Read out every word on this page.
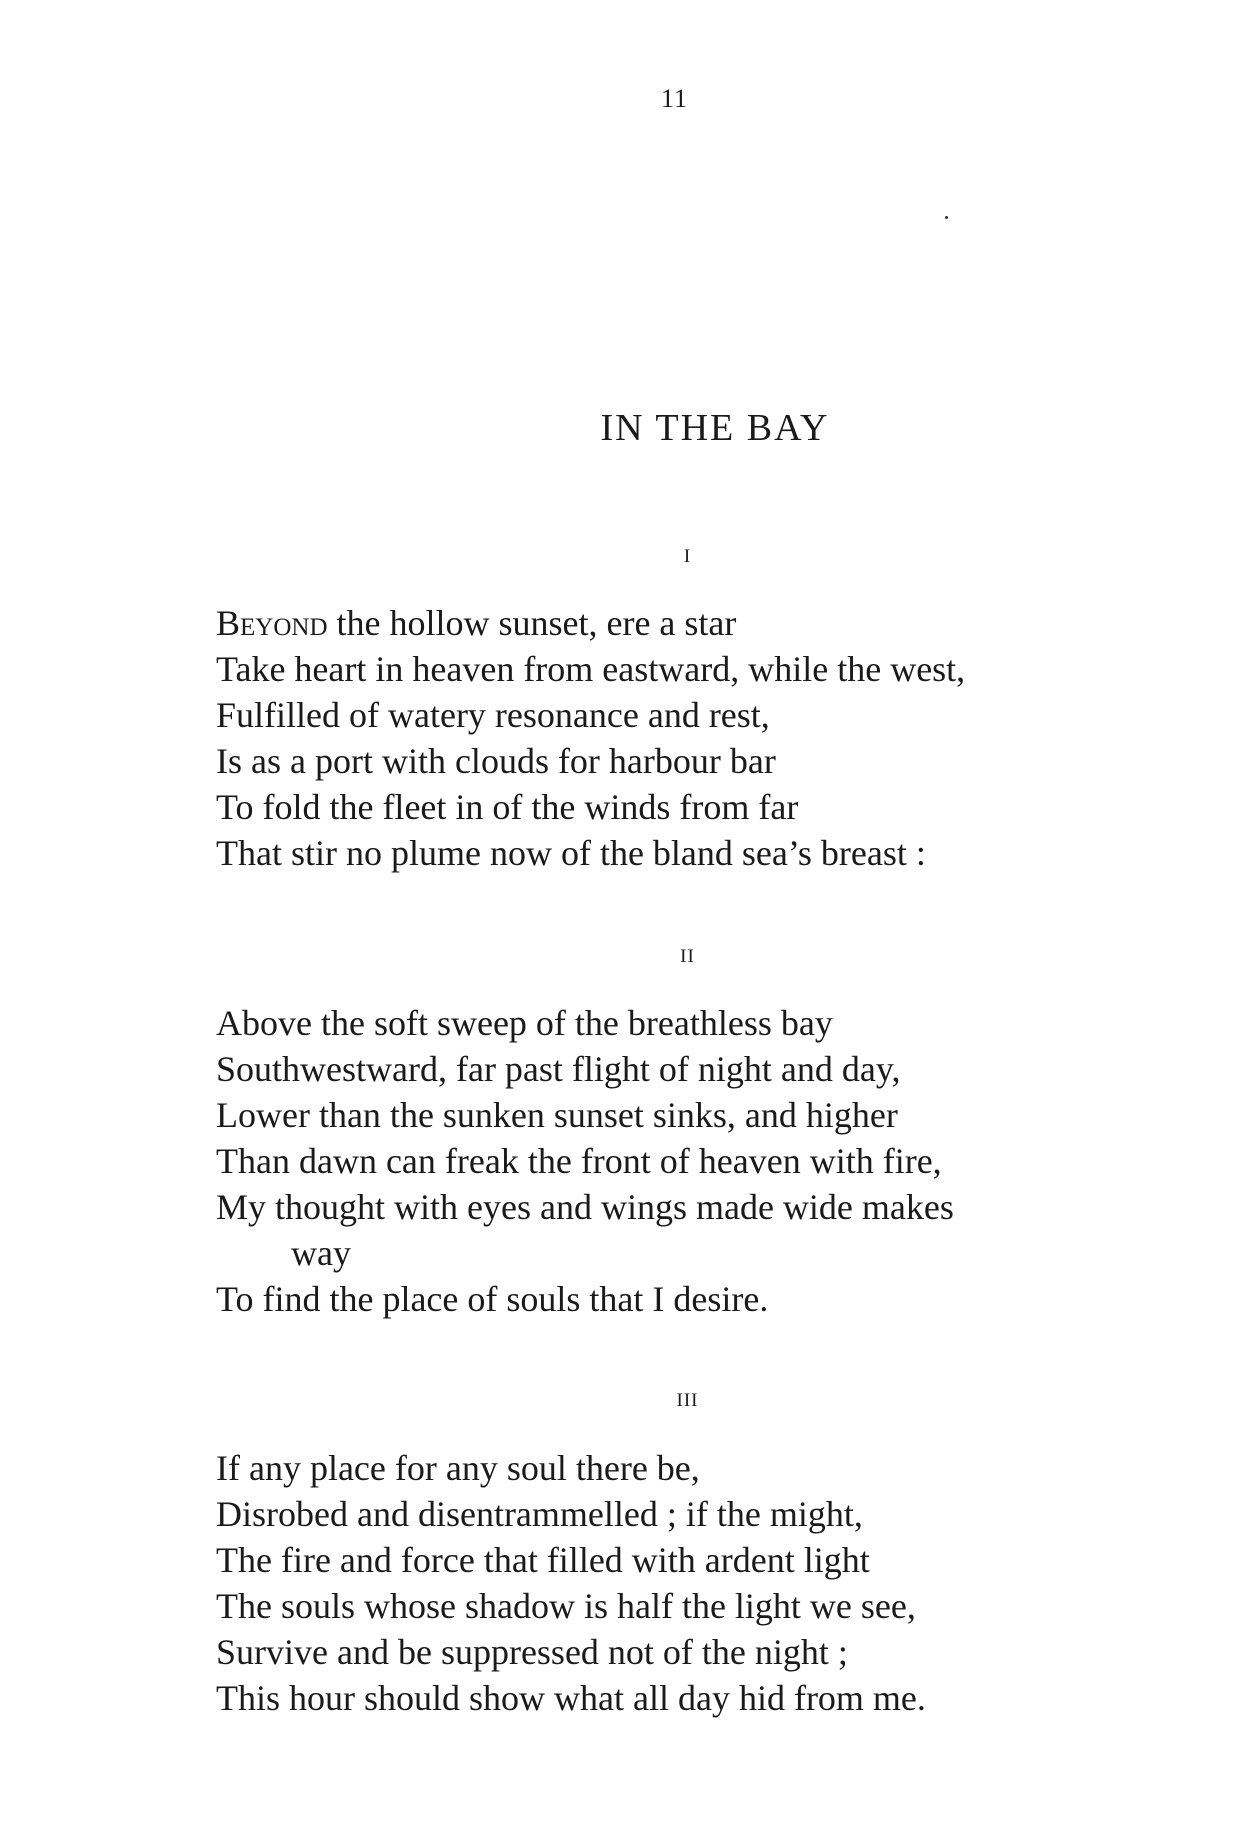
11
IN THE BAY
I
Beyond the hollow sunset, ere a star
Take heart in heaven from eastward, while the west,
Fulfilled of watery resonance and rest,
Is as a port with clouds for harbour bar
To fold the fleet in of the winds from far
That stir no plume now of the bland sea’s breast :
II
Above the soft sweep of the breathless bay
Southwestward, far past flight of night and day,
Lower than the sunken sunset sinks, and higher
Than dawn can freak the front of heaven with fire,
My thought with eyes and wings made wide makes
way
To find the place of souls that I desire.
III
If any place for any soul there be,
Disrobed and disentrammelled ; if the might,
The fire and force that filled with ardent light
The souls whose shadow is half the light we see,
Survive and be suppressed not of the night ;
This hour should show what all day hid from me.
